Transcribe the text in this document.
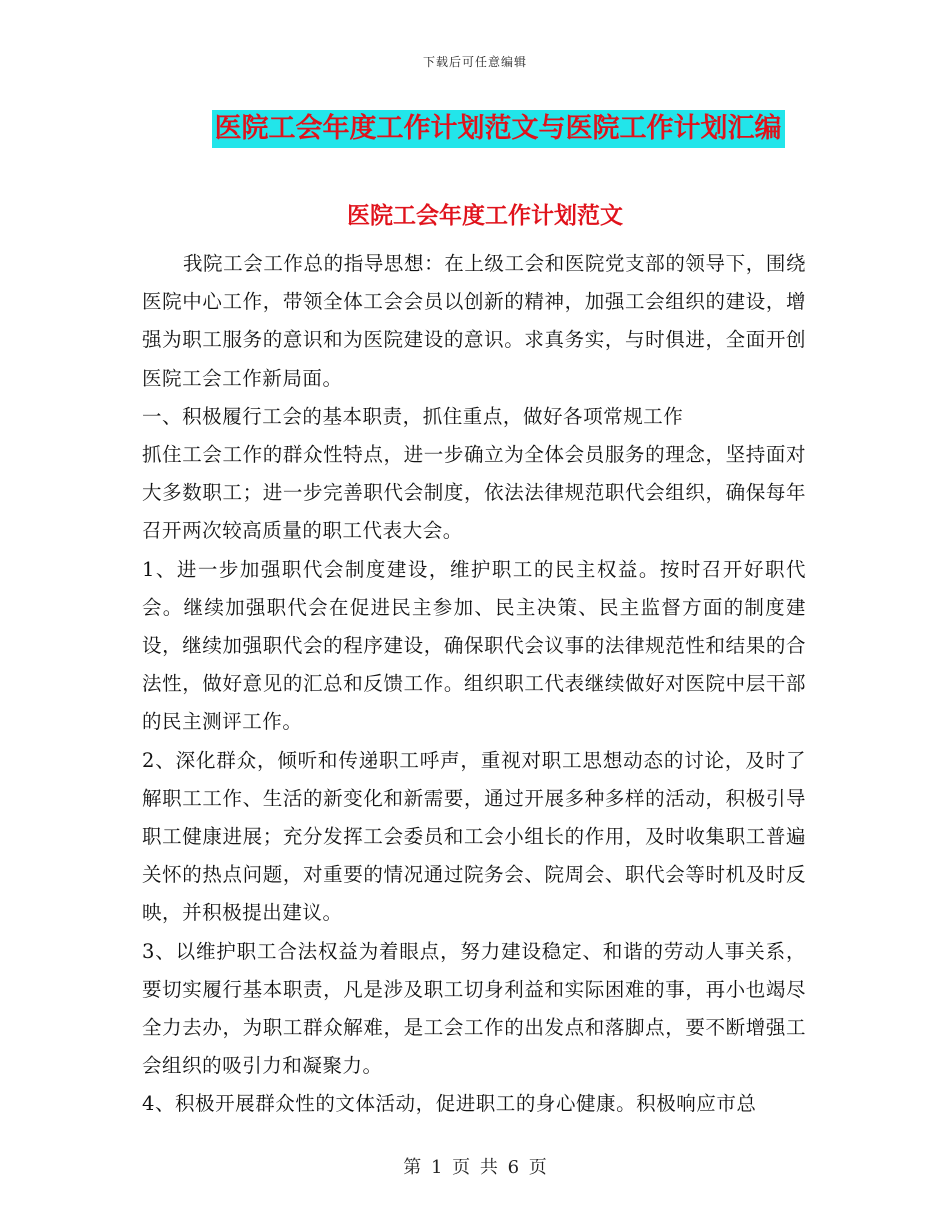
下载后可任意编辑
医院工会年度工作计划范文与医院工作计划汇编
医院工会年度工作计划范文

我院工会工作总的指导思想：在上级工会和医院党支部的领导下，围绕医院中心工作，带领全体工会会员以创新的精神，加强工会组织的建设，增强为职工服务的意识和为医院建设的意识。求真务实，与时俱进，全面开创医院工会工作新局面。

一、积极履行工会的基本职责，抓住重点，做好各项常规工作

抓住工会工作的群众性特点，进一步确立为全体会员服务的理念，坚持面对大多数职工；进一步完善职代会制度，依法法律规范职代会组织，确保每年召开两次较高质量的职工代表大会。

1、进一步加强职代会制度建设，维护职工的民主权益。按时召开好职代会。继续加强职代会在促进民主参加、民主决策、民主监督方面的制度建设，继续加强职代会的程序建设，确保职代会议事的法律规范性和结果的合法性，做好意见的汇总和反馈工作。组织职工代表继续做好对医院中层干部的民主测评工作。

2、深化群众，倾听和传递职工呼声，重视对职工思想动态的讨论，及时了解职工工作、生活的新变化和新需要，通过开展多种多样的活动，积极引导职工健康进展；充分发挥工会委员和工会小组长的作用，及时收集职工普遍关怀的热点问题，对重要的情况通过院务会、院周会、职代会等时机及时反映，并积极提出建议。

3、以维护职工合法权益为着眼点，努力建设稳定、和谐的劳动人事关系，要切实履行基本职责，凡是涉及职工切身利益和实际困难的事，再小也竭尽全力去办，为职工群众解难，是工会工作的出发点和落脚点，要不断增强工会组织的吸引力和凝聚力。

4、积极开展群众性的文体活动，促进职工的身心健康。积极响应市总

第 1 页 共 6 页
